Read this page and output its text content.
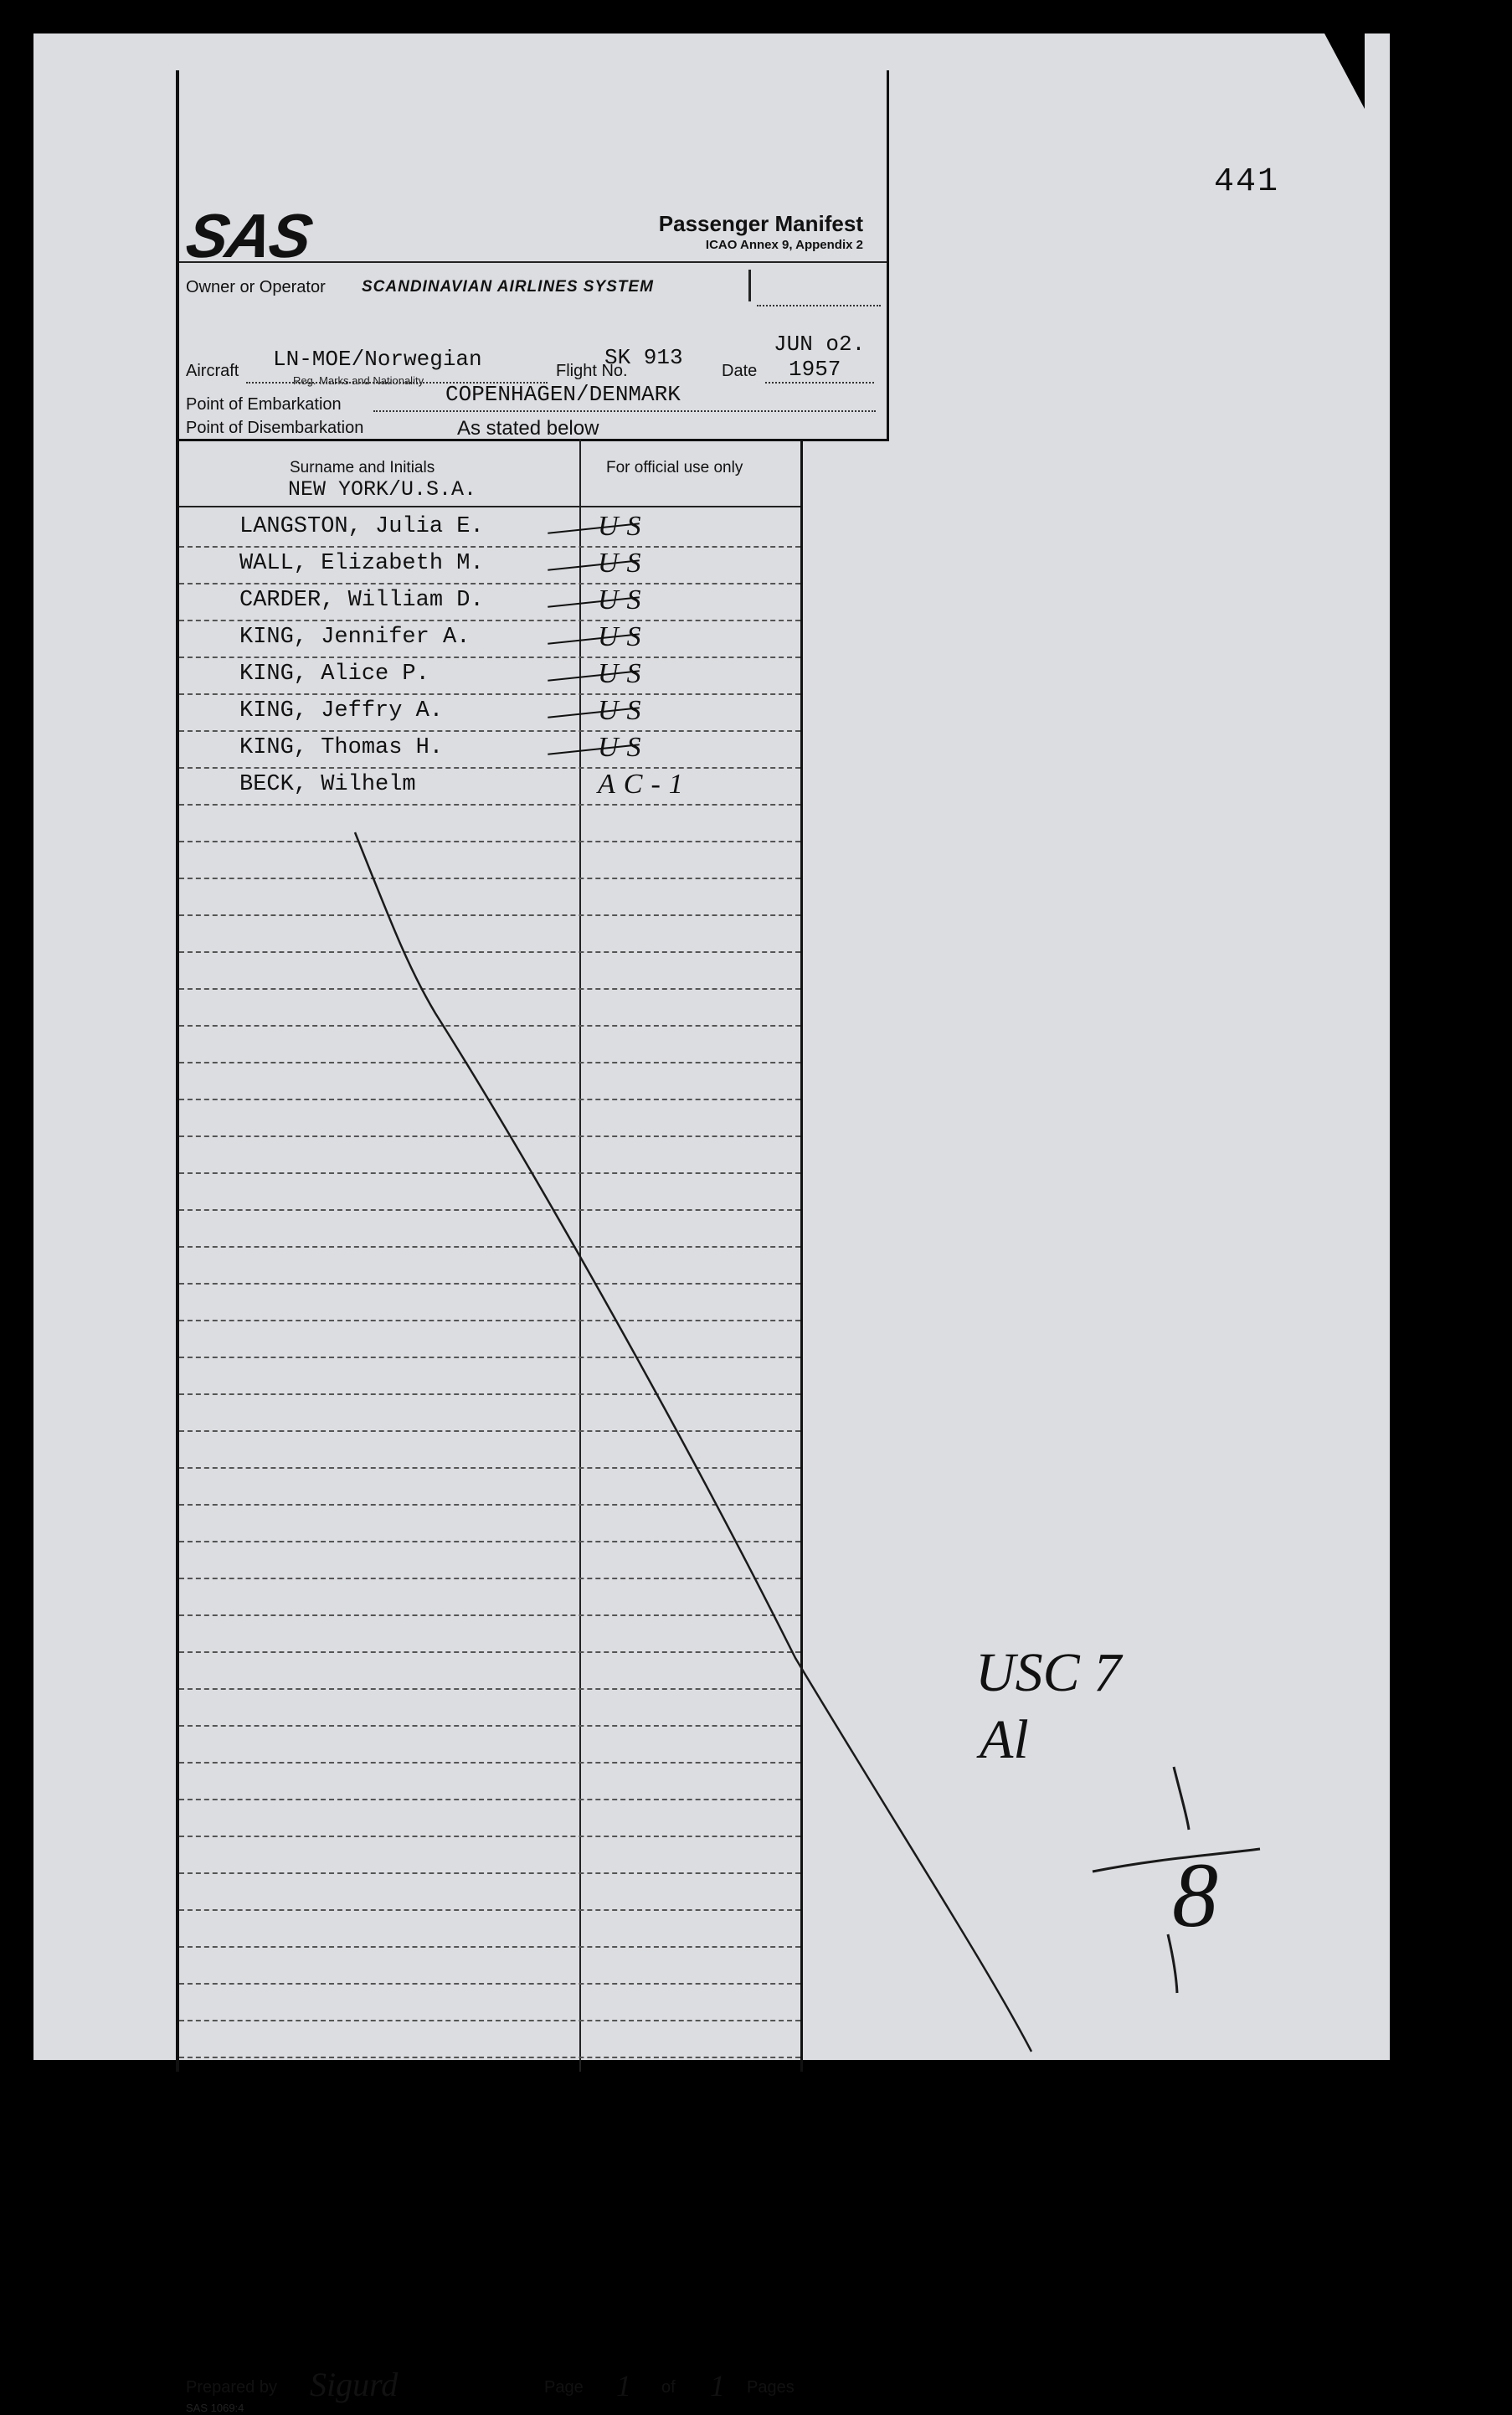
441
SAS	Passenger Manifest
ICAO Annex 9, Appendix 2
Owner or Operator SCANDINAVIAN AIRLINES SYSTEM
Aircraft LN-MOE/Norwegian
Reg. Marks and Nationality
Flight No.
SK 913
Date
JUN o2.
1957
Point of Embarkation	COPENHAGEN/DENMARK
Point of Disembarkation	As stated below
Surname and Initials
NEW YORK/U.S.A.
For official use only
LANGSTON, Julia E.	US
WALL, Elizabeth M.	US
CARDER, William D.	US
KING, Jennifer A.	US
KING, Alice P.	US
KING, Jeffry A.	US
KING, Thomas H.	US
BECK, Wilhelm	AC-1
Prepared by Sigurd	Page 1 of 1 Pages
SAS 1069:4
USC 7
Al
8
